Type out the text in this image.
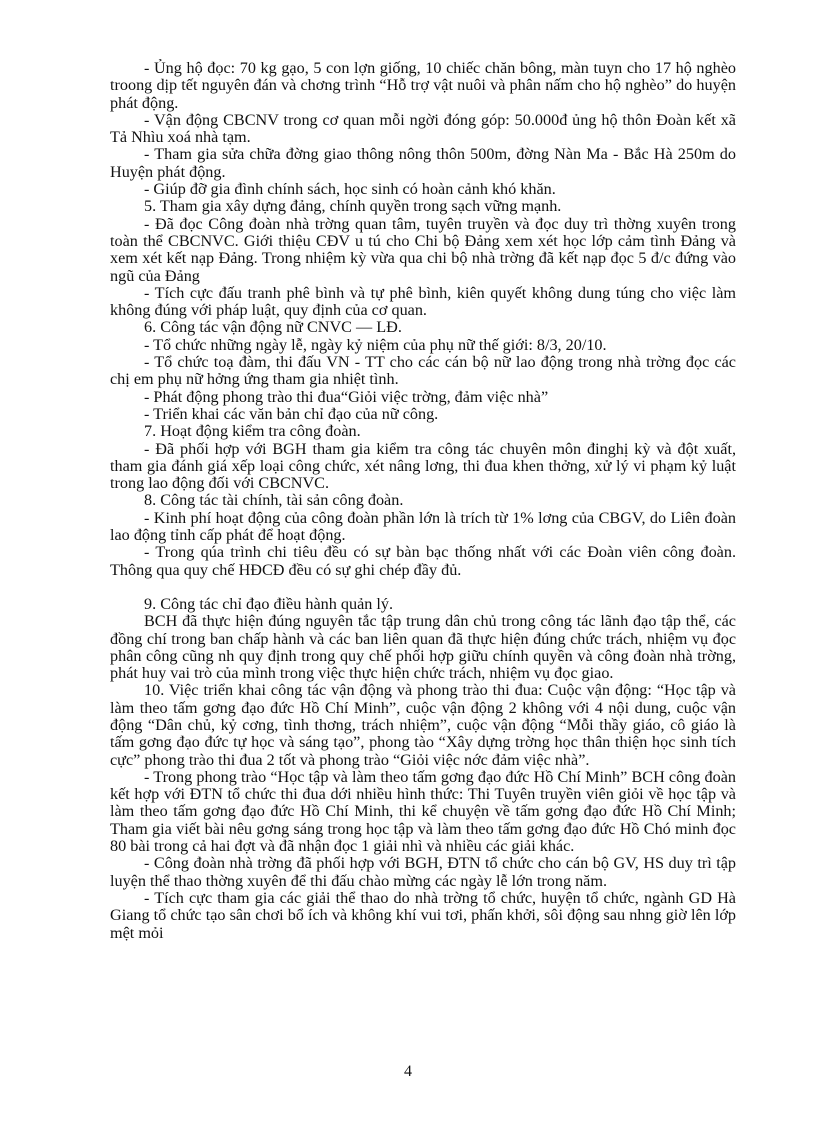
- Ủng hộ đọc: 70 kg gạo, 5 con lợn giống, 10 chiếc chăn bông, màn tuyn cho 17 hộ nghèo troong dịp tết nguyên đán và chơng trình “Hỗ trợ vật nuôi và phân nấm cho hộ nghèo” do huyện phát động.

- Vận động CBCNV trong cơ quan mỗi ngời đóng góp: 50.000đ ủng hộ thôn Đoàn kết xã Tả Nhìu xoá nhà tạm.

- Tham gia sửa chữa đờng giao thông nông thôn 500m, đờng Nàn Ma - Bắc Hà 250m do Huyện phát động.

- Giúp đỡ gia đình chính sách, học sinh có hoàn cảnh khó khăn.

5. Tham gia xây dựng đảng, chính quyền trong sạch vững mạnh.

- Đã đọc Công đoàn nhà trờng quan tâm, tuyên truyền và đọc duy trì thờng xuyên trong toàn thể CBCNVC. Giới thiệu CĐV u tú cho Chi bộ Đảng xem xét học lớp cảm tình Đảng và xem xét kết nạp Đảng. Trong nhiệm kỳ vừa qua chi bộ nhà trờng đã kết nạp đọc 5 đ/c đứng vào ngũ của Đảng

- Tích cực đấu tranh phê bình và tự phê bình, kiên quyết không dung túng cho việc làm không đúng với pháp luật, quy định của cơ quan.

6. Công tác vận động nữ CNVC — LĐ.

- Tổ chức những ngày lễ, ngày kỷ niệm của phụ nữ thế giới: 8/3, 20/10.

- Tổ chức toạ đàm, thi đấu VN - TT cho các cán bộ nữ lao động trong nhà trờng đọc các chị em phụ nữ hởng ứng tham gia nhiệt tình.

- Phát động phong trào thi đua“Giỏi việc trờng, đảm việc nhà”

- Triển khai các văn bản chỉ đạo của nữ công.

7. Hoạt động kiểm tra công đoàn.

- Đã phối hợp với BGH tham gia kiểm tra công tác chuyên môn đinghị kỳ và đột xuất, tham gia đánh giá xếp loại công chức, xét nâng lơng, thi đua khen thởng, xử lý vi phạm kỷ luật trong lao động đối với CBCNVC.

8. Công tác tài chính, tài sản công đoàn.

- Kinh phí hoạt động của công đoàn phần lớn là trích từ 1% lơng của CBGV, do Liên đoàn lao động tỉnh cấp phát để hoạt động.

- Trong qúa trình chi tiêu đều có sự bàn bạc thống nhất với các Đoàn viên công đoàn. Thông qua quy chế HĐCĐ đều có sự ghi chép đầy đủ.

9. Công tác chỉ đạo điều hành quản lý.

BCH đã thực hiện đúng nguyên tắc tập trung dân chủ trong công tác lãnh đạo tập thể, các đồng chí trong ban chấp hành và các ban liên quan đã thực hiện đúng chức trách, nhiệm vụ đọc phân công cũng nh quy định trong quy chế phối hợp giữu chính quyền và công đoàn nhà trờng, phát huy vai trò của mình trong việc thực hiện chức trách, nhiệm vụ đọc giao.

10. Việc triển khai công tác vận động và phong trào thi đua: Cuộc vận động: “Học tập và làm theo tấm gơng đạo đức Hồ Chí Minh”, cuộc vận động 2 không với 4 nội dung, cuộc vận động “Dân chủ, kỷ cơng, tình thơng, trách nhiệm”, cuộc vận động “Mỗi thầy giáo, cô giáo là tấm gơng đạo đức tự học và sáng tạo”, phong tào “Xây dựng trờng học thân thiện học sinh tích cực” phong trào thi đua 2 tốt và phong trào “Giỏi việc nớc đảm việc nhà”.

- Trong phong trào “Học tập và làm theo tấm gơng đạo đức Hồ Chí Minh” BCH công đoàn kết hợp với ĐTN tổ chức thi đua dới nhiều hình thức: Thi Tuyên truyền viên giỏi về học tập và làm theo tấm gơng đạo đức Hồ Chí Minh, thi kể chuyện về tấm gơng đạo đức Hồ Chí Minh; Tham gia viết bài nêu gơng sáng trong học tập và làm theo tấm gơng đạo đức Hồ Chó minh đọc 80 bài trong cả hai đợt và đã nhận đọc 1 giải nhì và nhiều các giải khác.

- Công đoàn nhà trờng đã phối hợp với BGH, ĐTN tổ chức cho cán bộ GV, HS duy trì tập luyện thể thao thờng xuyên để thi đấu chào mừng các ngày lễ lớn trong năm.

- Tích cực tham gia các giải thể thao do nhà trờng tổ chức, huyện tổ chức, ngành GD Hà Giang tổ chức tạo sân chơi bổ ích và không khí vui tơi, phấn khởi, sôi động sau nhng giờ lên lớp mệt mỏi

4
